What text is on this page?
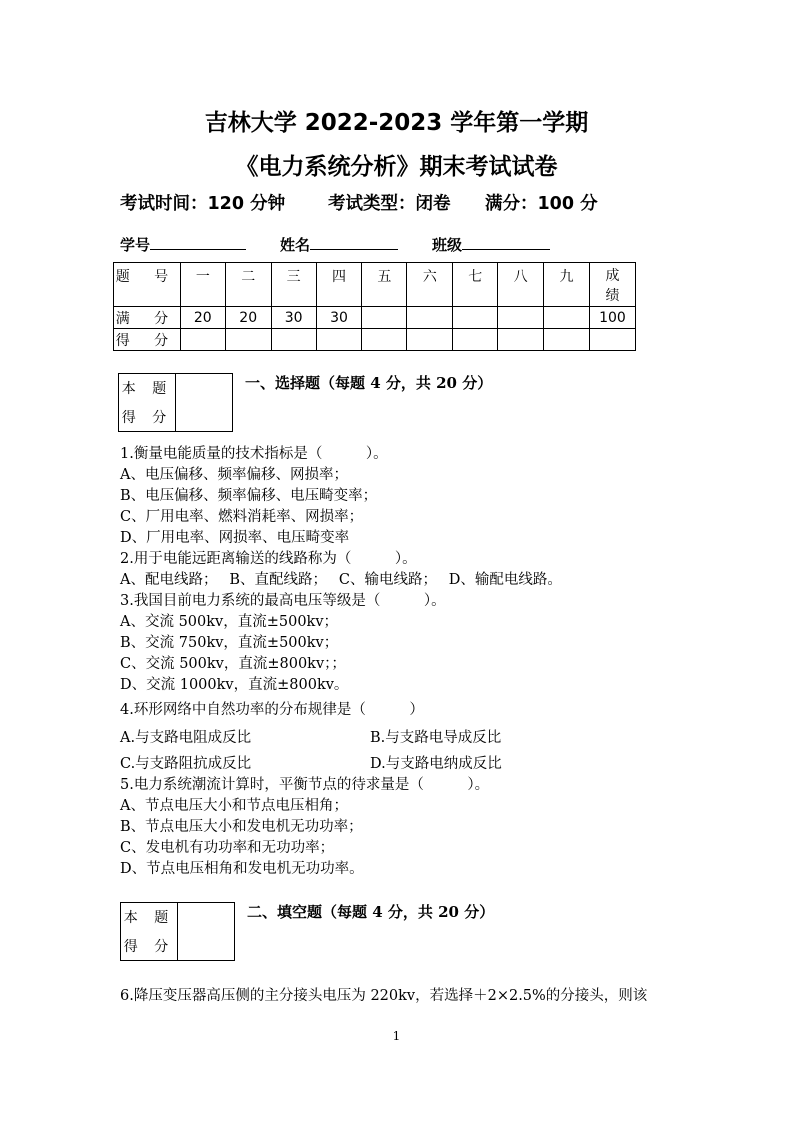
吉林大学 2022-2023 学年第一学期
《电力系统分析》期末考试试卷
考试时间：120 分钟 考试类型：闭卷 满分：100 分
学号	姓名	班级
题 号	一	二	三	四	五	六	七	八	九	成绩
满 分	20	20	30	30						100
得 分										
本 题
得 分
一、选择题（每题 4 分，共 20 分）
1.衡量电能质量的技术指标是（　　　）。
A、电压偏移、频率偏移、网损率；
B、电压偏移、频率偏移、电压畸变率；
C、厂用电率、燃料消耗率、网损率；
D、厂用电率、网损率、电压畸变率
2.用于电能远距离输送的线路称为（　　　）。
A、配电线路；　 B、直配线路；　 C、输电线路；　 D、输配电线路。
3.我国目前电力系统的最高电压等级是（　　　）。
A、交流 500kv，直流±500kv；
B、交流 750kv，直流±500kv；
C、交流 500kv，直流±800kv；；
D、交流 1000kv，直流±800kv。
4.环形网络中自然功率的分布规律是（　　　）
A.与支路电阻成反比	B.与支路电导成反比
C.与支路阻抗成反比	D.与支路电纳成反比
5.电力系统潮流计算时，平衡节点的待求量是（　　　）。
A、节点电压大小和节点电压相角；
B、节点电压大小和发电机无功功率；
C、发电机有功功率和无功功率；
D、节点电压相角和发电机无功功率。
本 题
得 分
二、填空题（每题 4 分，共 20 分）
6.降压变压器高压侧的主分接头电压为 220kv，若选择＋2×2.5%的分接头，则该
1
